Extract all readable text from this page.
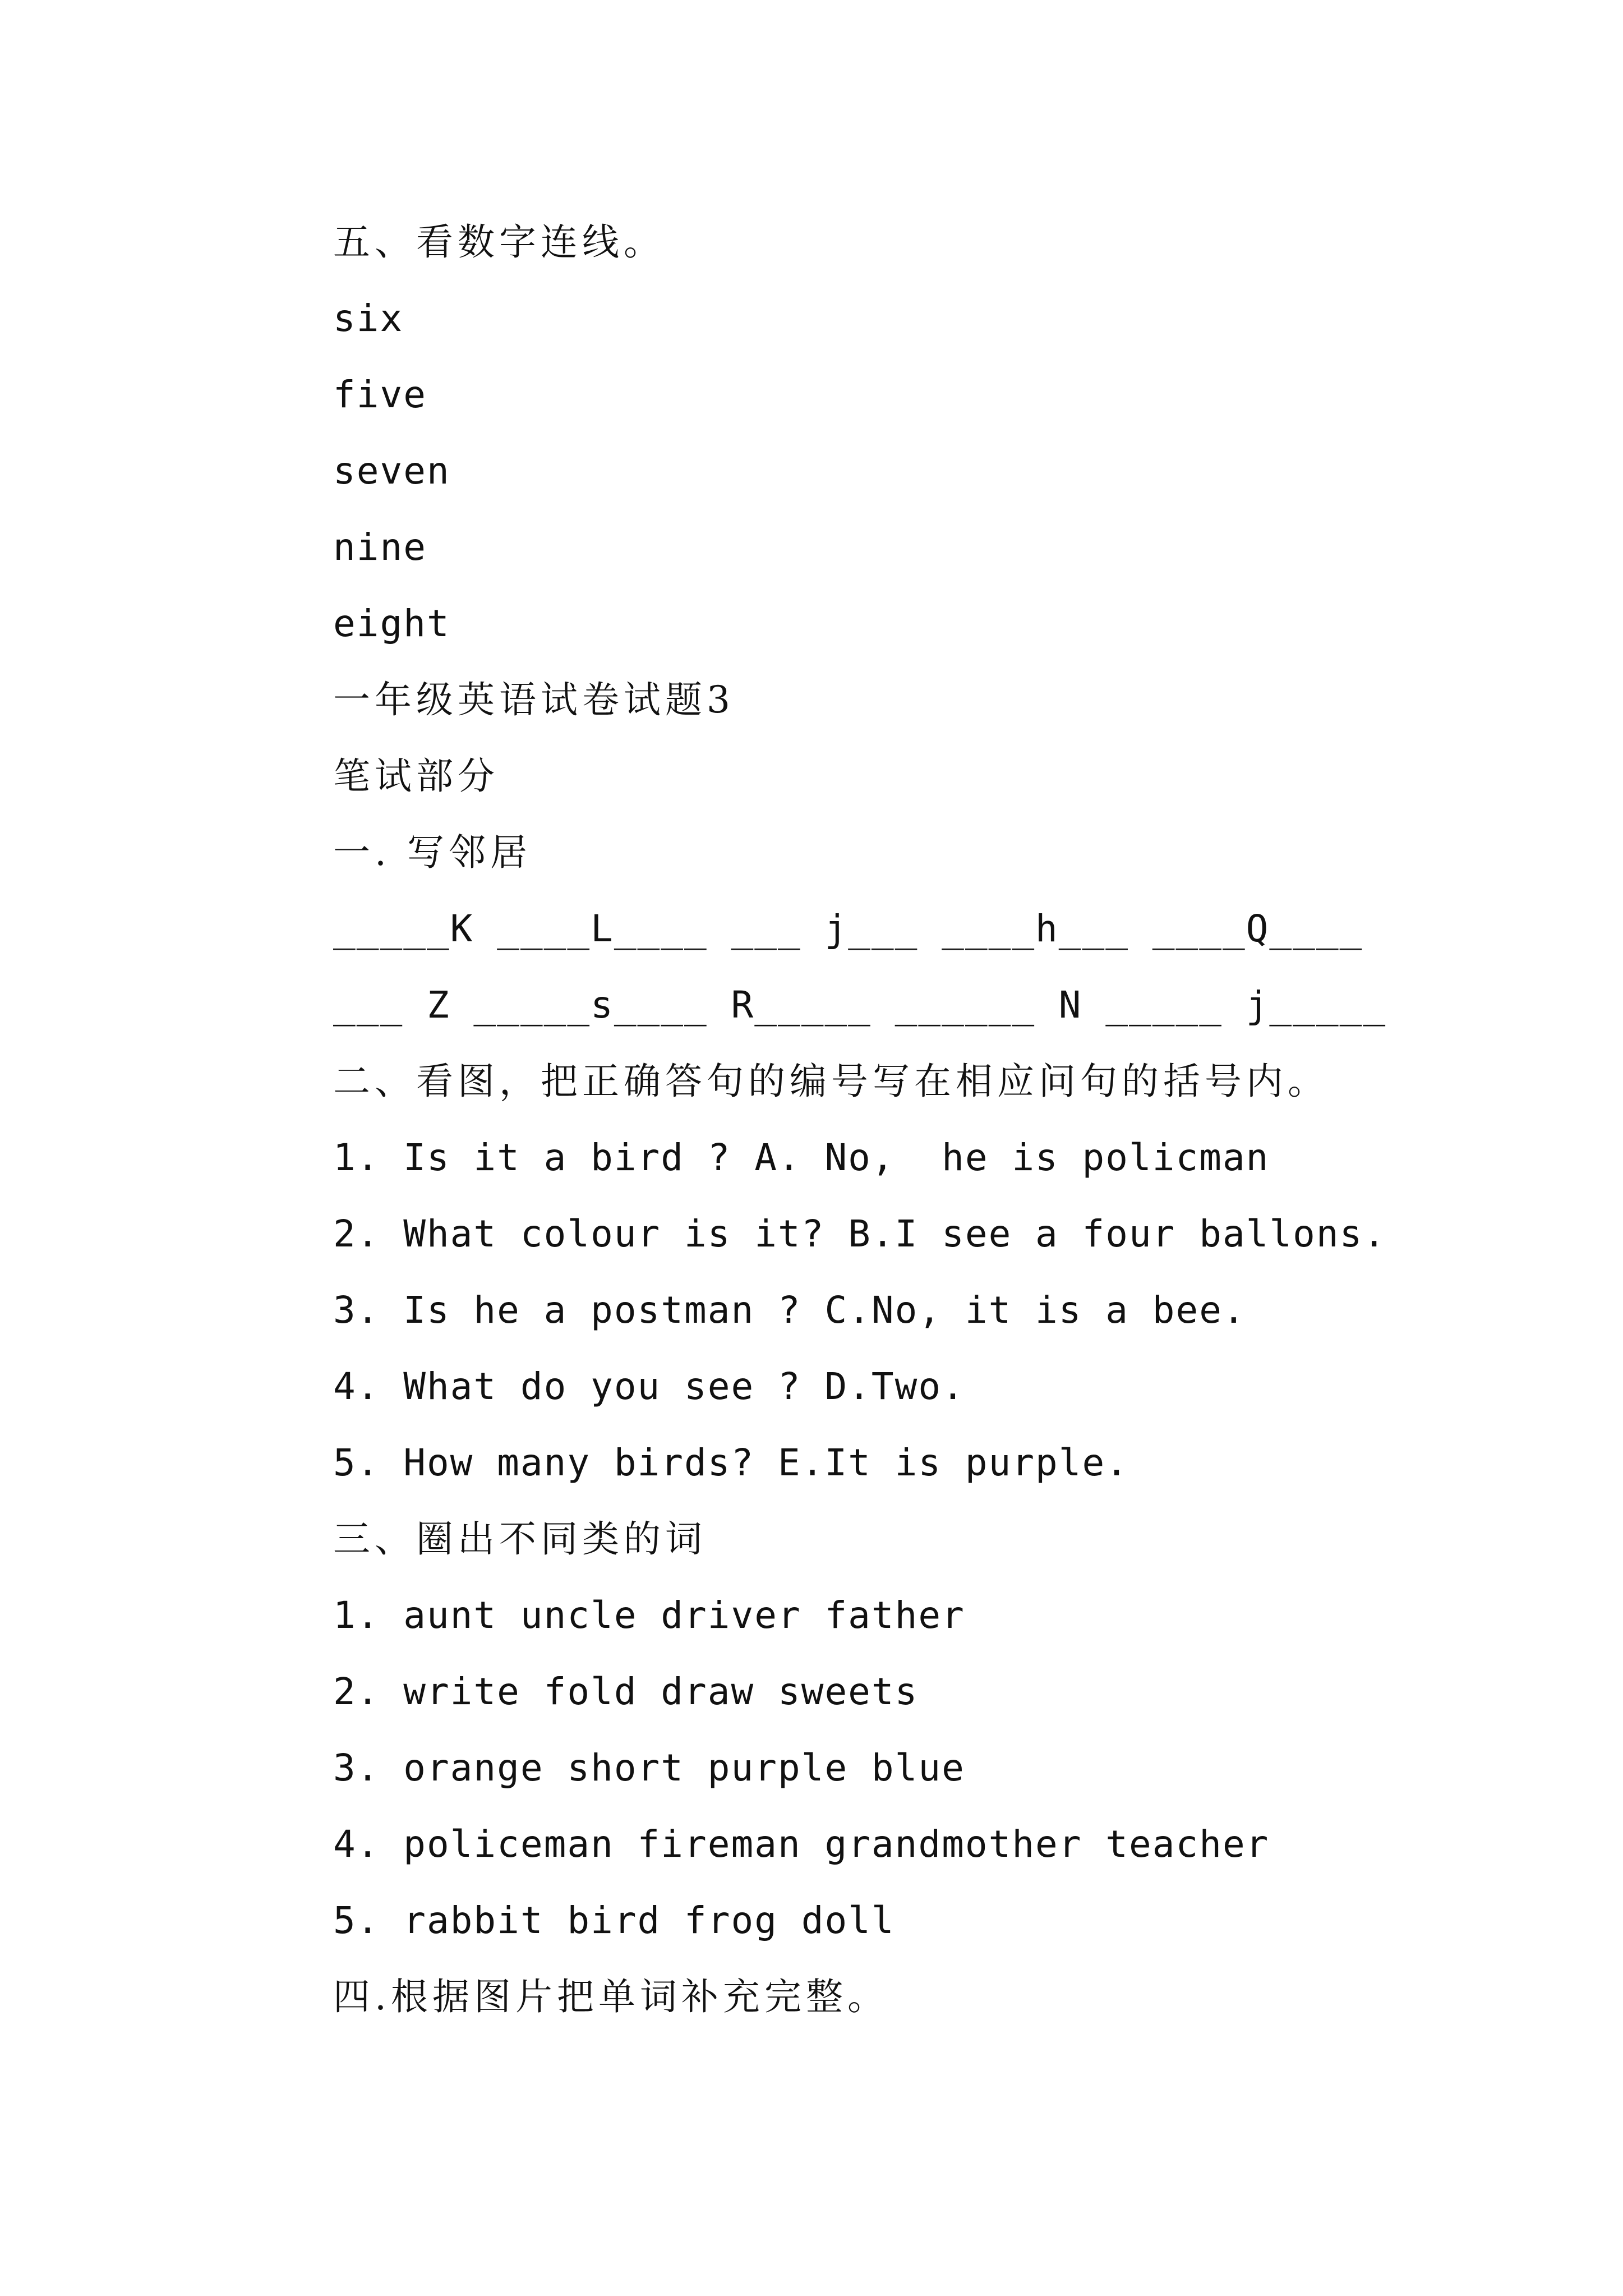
五、看数字连线。
six
five
seven
nine
eight
一年级英语试卷试题3
笔试部分
一. 写邻居
_____K ____L____ ___ j___ ____h___ ____Q____
___ Z _____s____ R_____ ______ N _____ j_____
二、看图，把正确答句的编号写在相应问句的括号内。
1. Is it a bird ? A. No,  he is policman
2. What colour is it? B.I see a four ballons.
3. Is he a postman ? C.No, it is a bee.
4. What do you see ? D.Two.
5. How many birds? E.It is purple.
三、圈出不同类的词
1. aunt uncle driver father
2. write fold draw sweets
3. orange short purple blue
4. policeman fireman grandmother teacher
5. rabbit bird frog doll
四.根据图片把单词补充完整。
